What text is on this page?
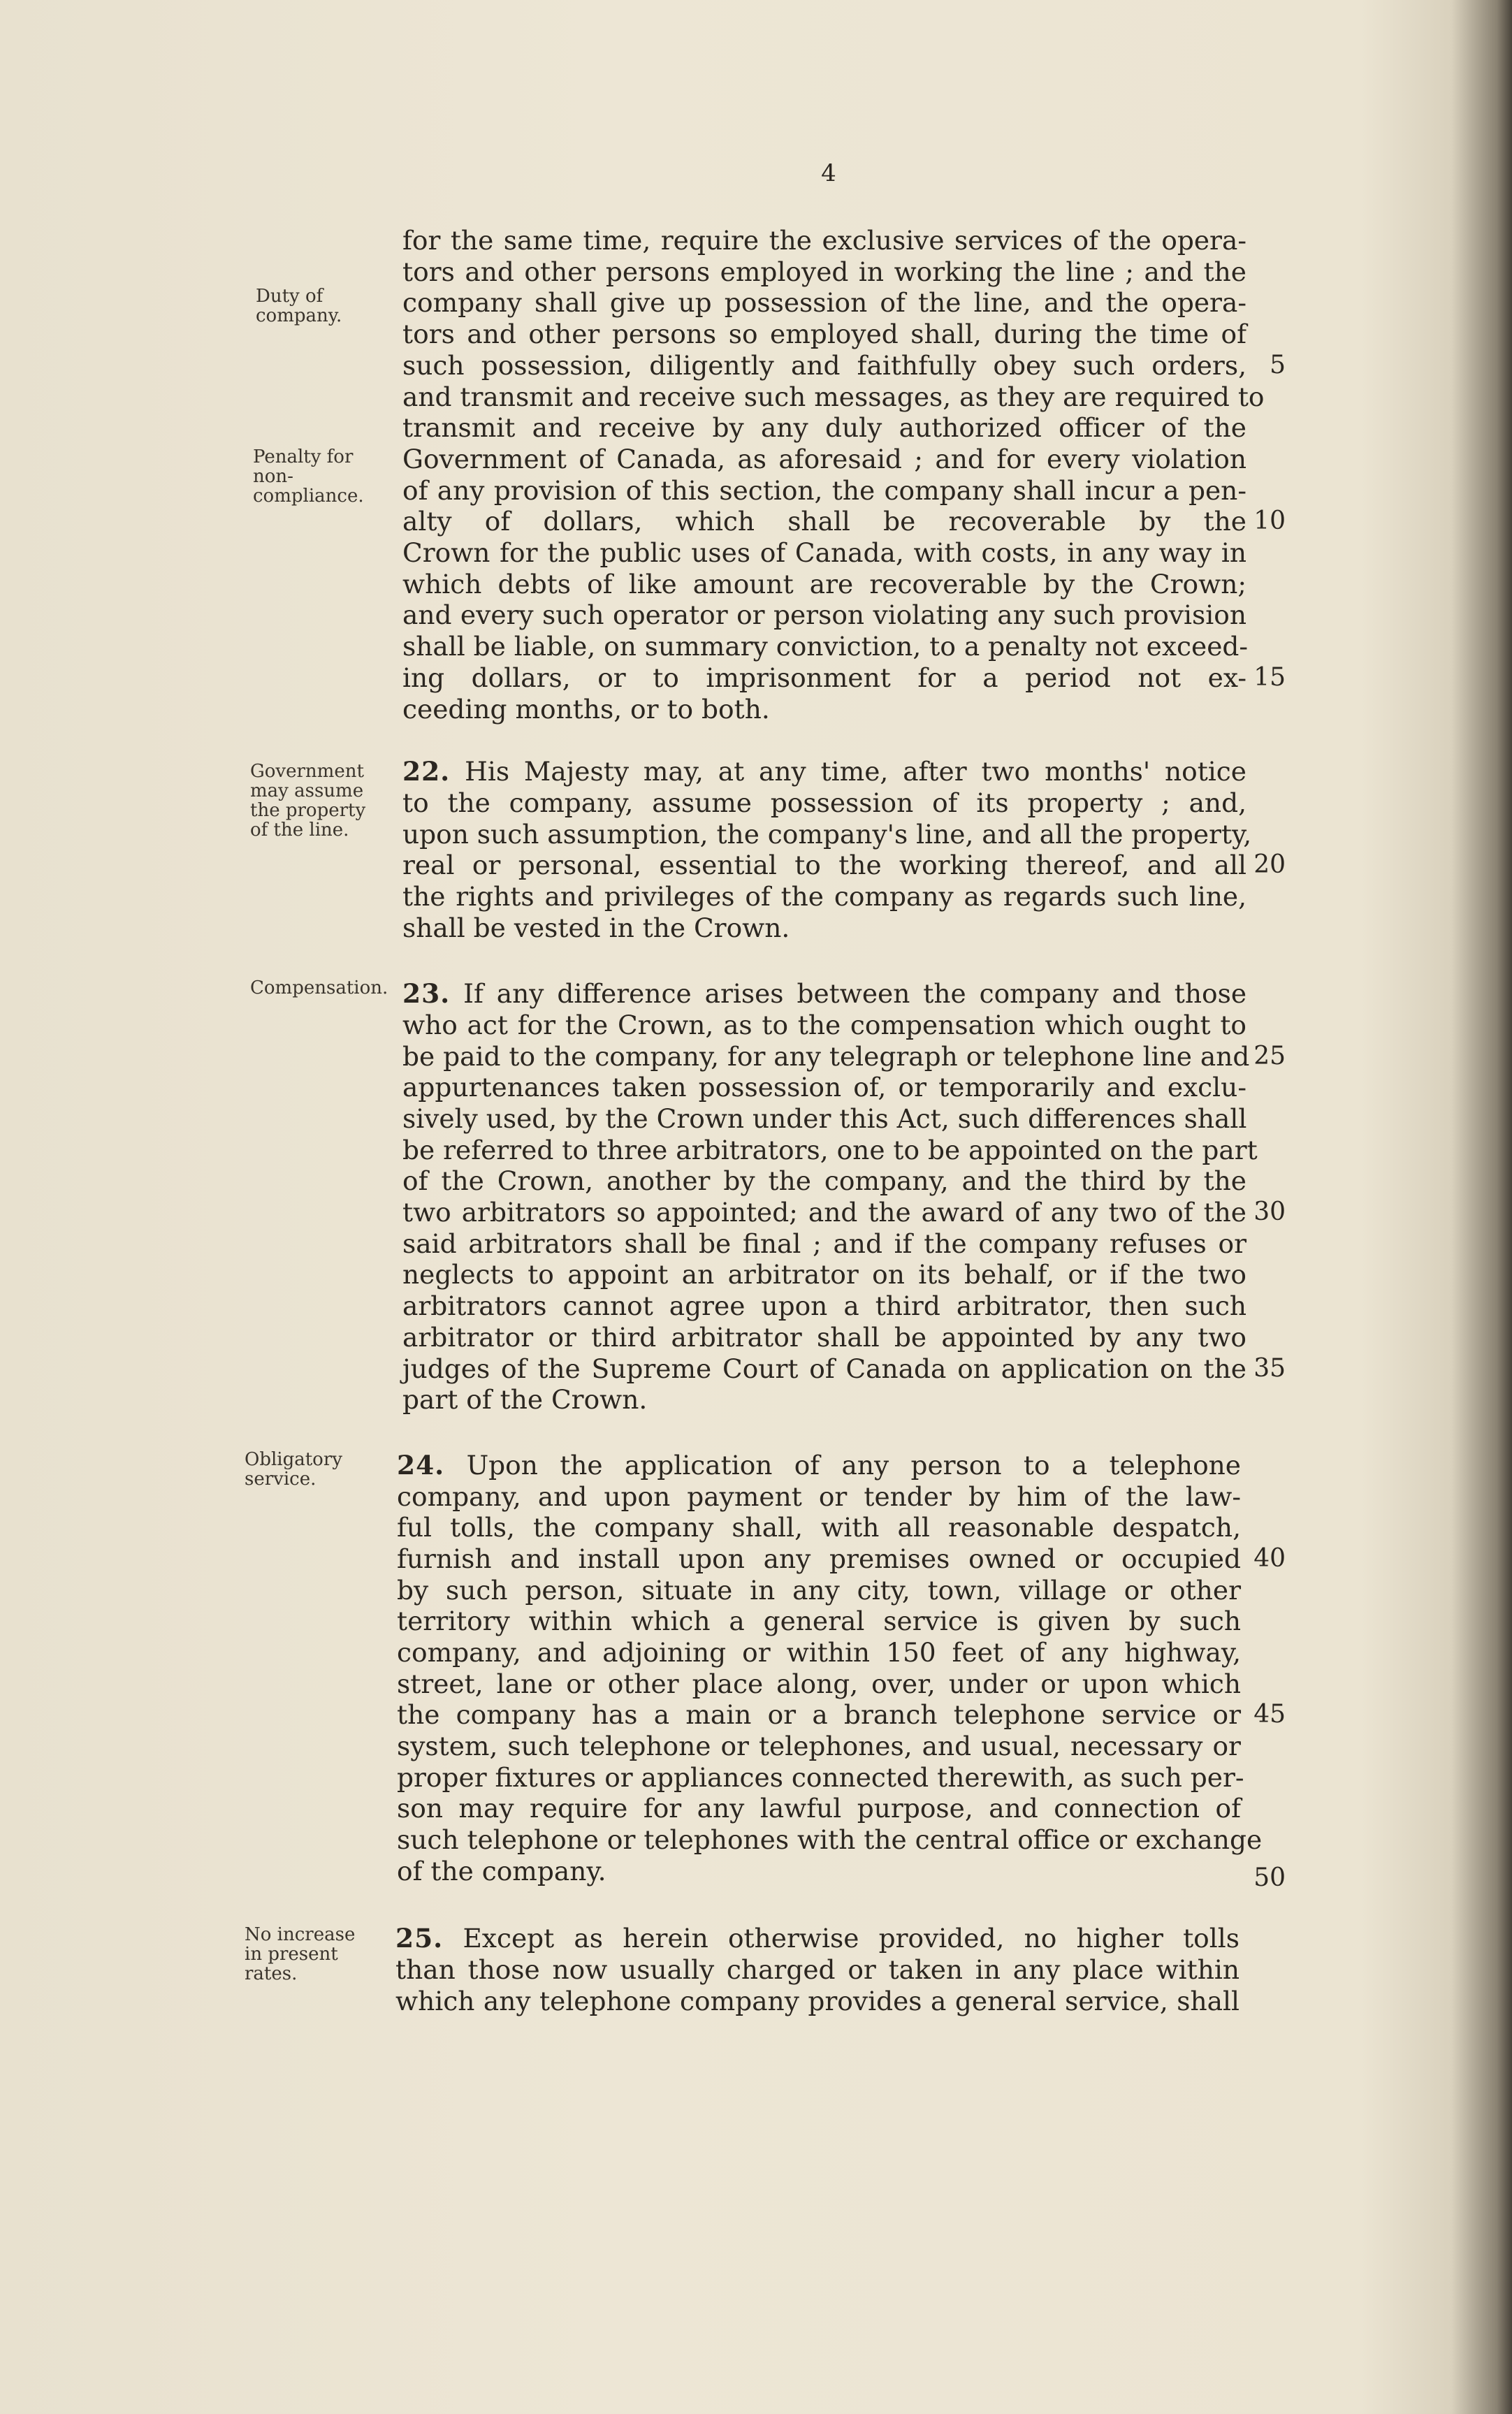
4
Duty of company.
Penalty for non-compliance.
Government may assume the property of the line.
Compensation.
Obligatory service.
No increase in present rates.
for the same time, require the exclusive services of the opera-
tors and other persons employed in working the line ; and the
company shall give up possession of the line, and the opera-
tors and other persons so employed shall, during the time of
such possession, diligently and faithfully obey such orders,
and transmit and receive such messages, as they are required to
transmit and receive by any duly authorized officer of the
Government of Canada, as aforesaid ; and for every violation
of any provision of this section, the company shall incur a pen-
alty of dollars, which shall be recoverable by the
Crown for the public uses of Canada, with costs, in any way in
which debts of like amount are recoverable by the Crown;
and every such operator or person violating any such provision
shall be liable, on summary conviction, to a penalty not exceed-
ing dollars, or to imprisonment for a period not ex-
ceeding months, or to both.
22. His Majesty may, at any time, after two months' notice
to the company, assume possession of its property ; and,
upon such assumption, the company's line, and all the property,
real or personal, essential to the working thereof, and all
the rights and privileges of the company as regards such line,
shall be vested in the Crown.
23. If any difference arises between the company and those
who act for the Crown, as to the compensation which ought to
be paid to the company, for any telegraph or telephone line and
appurtenances taken possession of, or temporarily and exclu-
sively used, by the Crown under this Act, such differences shall
be referred to three arbitrators, one to be appointed on the part
of the Crown, another by the company, and the third by the
two arbitrators so appointed; and the award of any two of the
said arbitrators shall be final ; and if the company refuses or
neglects to appoint an arbitrator on its behalf, or if the two
arbitrators cannot agree upon a third arbitrator, then such
arbitrator or third arbitrator shall be appointed by any two
judges of the Supreme Court of Canada on application on the
part of the Crown.
24. Upon the application of any person to a telephone
company, and upon payment or tender by him of the law-
ful tolls, the company shall, with all reasonable despatch,
furnish and install upon any premises owned or occupied
by such person, situate in any city, town, village or other
territory within which a general service is given by such
company, and adjoining or within 150 feet of any highway,
street, lane or other place along, over, under or upon which
the company has a main or a branch telephone service or
system, such telephone or telephones, and usual, necessary or
proper fixtures or appliances connected therewith, as such per-
son may require for any lawful purpose, and connection of
such telephone or telephones with the central office or exchange
of the company.
25. Except as herein otherwise provided, no higher tolls
than those now usually charged or taken in any place within
which any telephone company provides a general service, shall
5
10
15
20
25
30
35
40
45
50
